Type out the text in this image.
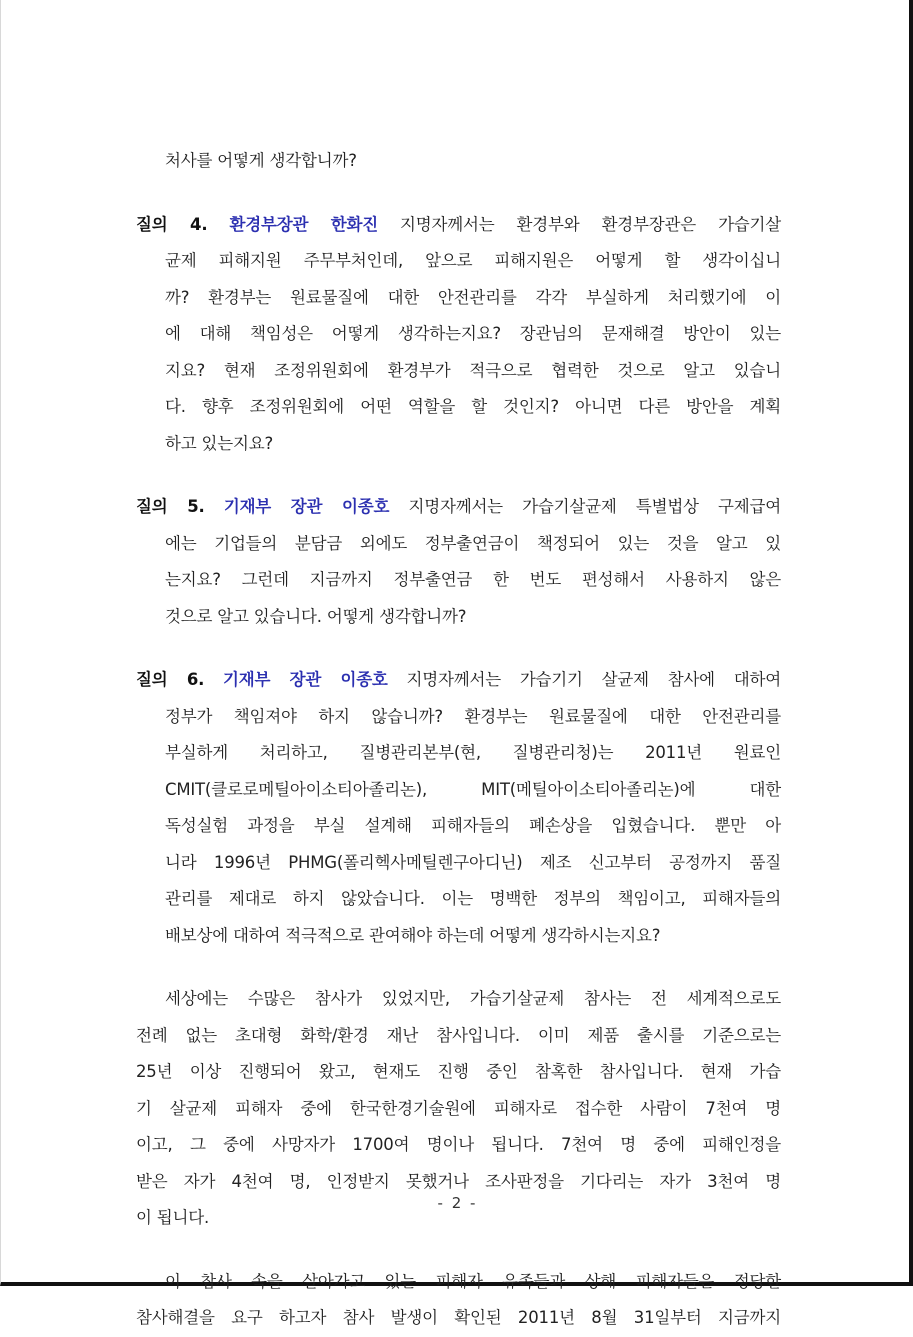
처사를 어떻게 생각합니까?
질의 4. 환경부장관 한화진 지명자께서는 환경부와 환경부장관은 가습기살
균제 피해지원 주무부처인데, 앞으로 피해지원은 어떻게 할 생각이십니
까? 환경부는 원료물질에 대한 안전관리를 각각 부실하게 처리했기에 이
에 대해 책임성은 어떻게 생각하는지요? 장관님의 문재해결 방안이 있는
지요? 현재 조정위원회에 환경부가 적극으로 협력한 것으로 알고 있습니
다. 향후 조정위원회에 어떤 역할을 할 것인지? 아니면 다른 방안을 계획
하고 있는지요?
질의 5. 기재부 장관 이종호 지명자께서는 가습기살균제 특별법상 구제급여
에는 기업들의 분담금 외에도 정부출연금이 책정되어 있는 것을 알고 있
는지요? 그런데 지금까지 정부출연금 한 번도 편성해서 사용하지 않은
것으로 알고 있습니다. 어떻게 생각합니까?
질의 6. 기재부 장관 이종호 지명자께서는 가습기기 살균제 참사에 대하여
정부가 책임져야 하지 않습니까? 환경부는 원료물질에 대한 안전관리를
부실하게 처리하고, 질병관리본부(현, 질병관리청)는 2011년 원료인
CMIT(클로로메틸아이소티아졸리논), MIT(메틸아이소티아졸리논)에 대한
독성실험 과정을 부실 설계해 피해자들의 폐손상을 입혔습니다. 뿐만 아
니라 1996년 PHMG(폴리헥사메틸렌구아디닌) 제조 신고부터 공정까지 품질
관리를 제대로 하지 않았습니다. 이는 명백한 정부의 책임이고, 피해자들의
배보상에 대하여 적극적으로 관여해야 하는데 어떻게 생각하시는지요?
세상에는 수많은 참사가 있었지만, 가습기살균제 참사는 전 세계적으로도
전례 없는 초대형 화학/환경 재난 참사입니다. 이미 제품 출시를 기준으로는
25년 이상 진행되어 왔고, 현재도 진행 중인 참혹한 참사입니다. 현재 가습
기 살균제 피해자 중에 한국한경기술원에 피해자로 접수한 사람이 7천여 명
이고, 그 중에 사망자가 1700여 명이나 됩니다. 7천여 명 중에 피해인정을
받은 자가 4천여 명, 인정받지 못했거나 조사판정을 기다리는 자가 3천여 명
이 됩니다.
이 참사 속을 살아가고 있는 피해자 유족들과 상해 피해자들은 정당한
참사해결을 요구 하고자 참사 발생이 확인된 2011년 8월 31일부터 지금까지
- 2 -
